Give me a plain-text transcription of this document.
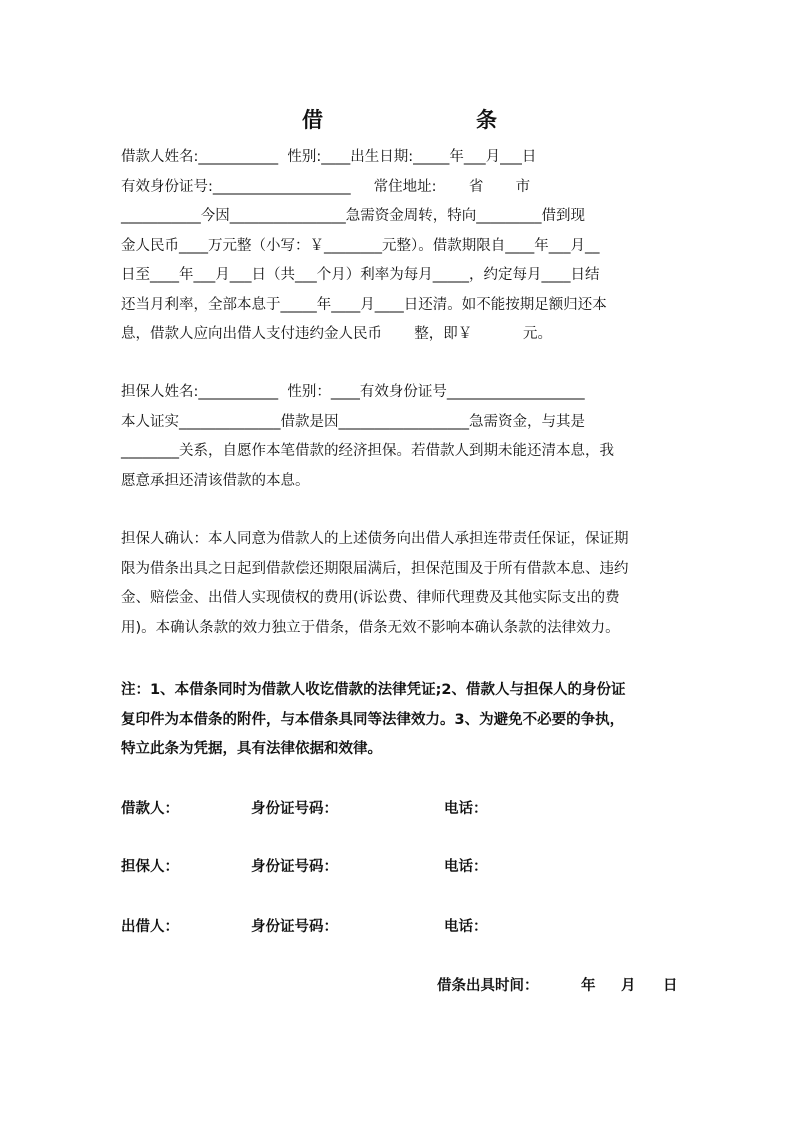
借	条
借款人姓名:___________  性别:____出生日期:_____年___月___日
有效身份证号:___________________     常住地址:       省       市
___________今因________________急需资金周转，特向_________借到现
金人民币____万元整（小写：￥________元整）。借款期限自____年___月__
日至____年___月___日（共___个月）利率为每月_____，约定每月____日结
还当月利率，全部本息于_____年____月____日还清。如不能按期足额归还本
息，借款人应向出借人支付违约金人民币       整，即￥           元。
担保人姓名:___________  性别：____有效身份证号___________________
本人证实______________借款是因__________________急需资金，与其是
________关系，自愿作本笔借款的经济担保。若借款人到期未能还清本息，我
愿意承担还清该借款的本息。
担保人确认：本人同意为借款人的上述债务向出借人承担连带责任保证，保证期
限为借条出具之日起到借款偿还期限届满后，担保范围及于所有借款本息、违约
金、赔偿金、出借人实现债权的费用(诉讼费、律师代理费及其他实际支出的费
用)。本确认条款的效力独立于借条，借条无效不影响本确认条款的法律效力。
注：1、本借条同时为借款人收讫借款的法律凭证;2、借款人与担保人的身份证
复印件为本借条的附件，与本借条具同等法律效力。3、为避免不必要的争执，
特立此条为凭据，具有法律依据和效律。
借款人：	身份证号码：	电话：
担保人：	身份证号码：	电话：
出借人：	身份证号码：	电话：
借条出具时间：	年 月 日
